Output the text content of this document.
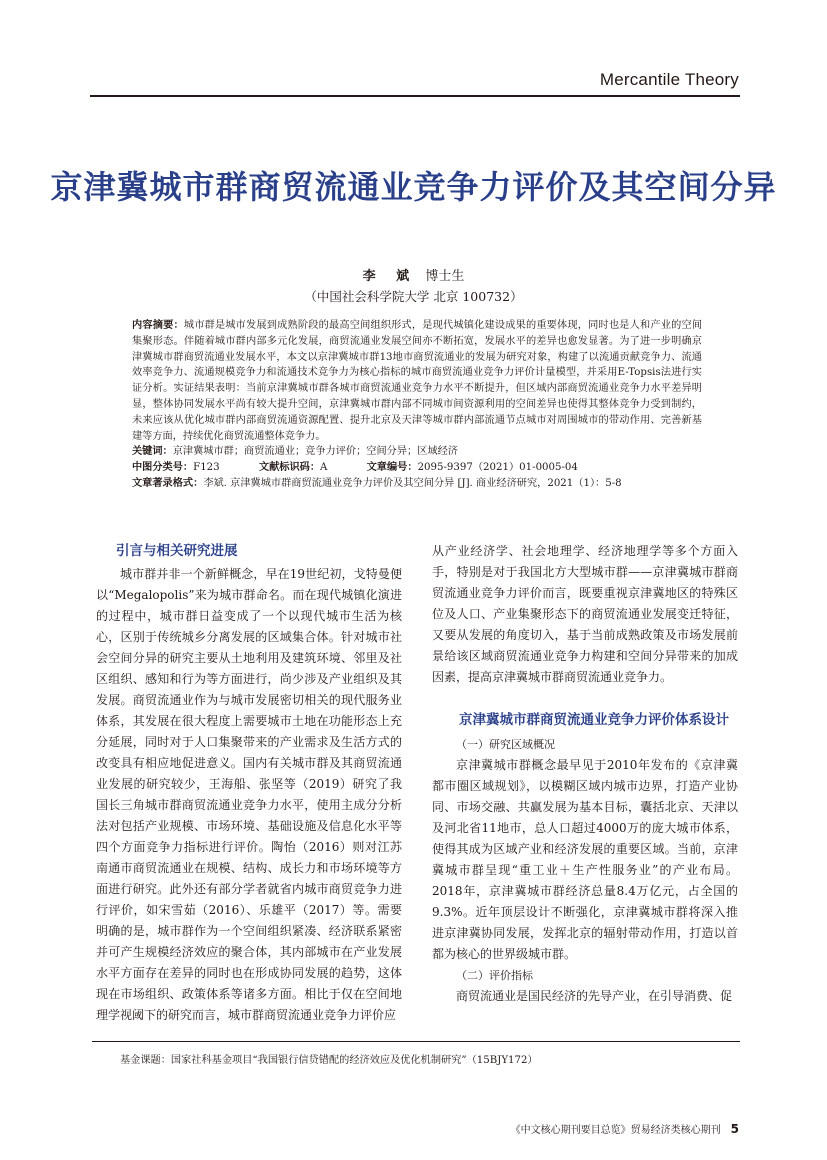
Mercantile Theory
京津冀城市群商贸流通业竞争力评价及其空间分异
李 斌 博士生
（中国社会科学院大学 北京 100732）
内容摘要：城市群是城市发展到成熟阶段的最高空间组织形式，是现代城镇化建设成果的重要体现，同时也是人和产业的空间集聚形态。伴随着城市群内部多元化发展，商贸流通业发展空间亦不断拓宽，发展水平的差异也愈发显著。为了进一步明确京津冀城市群商贸流通业发展水平，本文以京津冀城市群13地市商贸流通业的发展为研究对象，构建了以流通贡献竞争力、流通效率竞争力、流通规模竞争力和流通技术竞争力为核心指标的城市商贸流通业竞争力评价计量模型，并采用E-Topsis法进行实证分析。实证结果表明：当前京津冀城市群各城市商贸流通业竞争力水平不断提升，但区域内部商贸流通业竞争力水平差异明显，整体协同发展水平尚有较大提升空间，京津冀城市群内部不同城市间资源利用的空间差异也使得其整体竞争力受到制约，未来应该从优化城市群内部商贸流通资源配置、提升北京及天津等城市群内部流通节点城市对周围城市的带动作用、完善新基建等方面，持续优化商贸流通整体竞争力。
关键词：京津冀城市群；商贸流通业；竞争力评价；空间分异；区域经济
中图分类号：F123	文献标识码：A	文章编号：2095-9397（2021）01-0005-04
文章著录格式：李斌. 京津冀城市群商贸流通业竞争力评价及其空间分异 [J]. 商业经济研究，2021（1）：5-8
引言与相关研究进展

城市群并非一个新鲜概念，早在19世纪初，戈特曼便以“Megalopolis”来为城市群命名。而在现代城镇化演进的过程中，城市群日益变成了一个以现代城市生活为核心，区别于传统城乡分离发展的区域集合体。针对城市社会空间分异的研究主要从土地利用及建筑环境、邻里及社区组织、感知和行为等方面进行，尚少涉及产业组织及其发展。商贸流通业作为与城市发展密切相关的现代服务业体系，其发展在很大程度上需要城市土地在功能形态上充分延展，同时对于人口集聚带来的产业需求及生活方式的改变具有相应地促进意义。国内有关城市群及其商贸流通业发展的研究较少，王海船、张坚等（2019）研究了我国长三角城市群商贸流通业竞争力水平，使用主成分分析法对包括产业规模、市场环境、基础设施及信息化水平等四个方面竞争力指标进行评价。陶怡（2016）则对江苏南通市商贸流通业在规模、结构、成长力和市场环境等方面进行研究。此外还有部分学者就省内城市商贸竞争力进行评价，如宋雪茹（2016）、乐雄平（2017）等。需要明确的是，城市群作为一个空间组织紧凑、经济联系紧密并可产生规模经济效应的聚合体，其内部城市在产业发展水平方面存在差异的同时也在形成协同发展的趋势，这体现在市场组织、政策体系等诸多方面。相比于仅在空间地理学视阈下的研究而言，城市群商贸流通业竞争力评价应

从产业经济学、社会地理学、经济地理学等多个方面入手，特别是对于我国北方大型城市群——京津冀城市群商贸流通业竞争力评价而言，既要重视京津冀地区的特殊区位及人口、产业集聚形态下的商贸流通业发展变迁特征，又要从发展的角度切入，基于当前成熟政策及市场发展前景给该区域商贸流通业竞争力构建和空间分异带来的加成因素，提高京津冀城市群商贸流通业竞争力。

京津冀城市群商贸流通业竞争力评价体系设计
（一）研究区域概况

京津冀城市群概念最早见于2010年发布的《京津冀都市圈区域规划》，以模糊区域内城市边界，打造产业协同、市场交融、共赢发展为基本目标，囊括北京、天津以及河北省11地市，总人口超过4000万的庞大城市体系，使得其成为区域产业和经济发展的重要区域。当前，京津冀城市群呈现“重工业＋生产性服务业”的产业布局。2018年，京津冀城市群经济总量8.4万亿元，占全国的9.3%。近年顶层设计不断强化，京津冀城市群将深入推进京津冀协同发展，发挥北京的辐射带动作用，打造以首都为核心的世界级城市群。

（二）评价指标

商贸流通业是国民经济的先导产业，在引导消费、促

基金课题：国家社科基金项目“我国银行信贷错配的经济效应及优化机制研究”（15BJY172）
《中文核心期刊要目总览》贸易经济类核心期刊 5
